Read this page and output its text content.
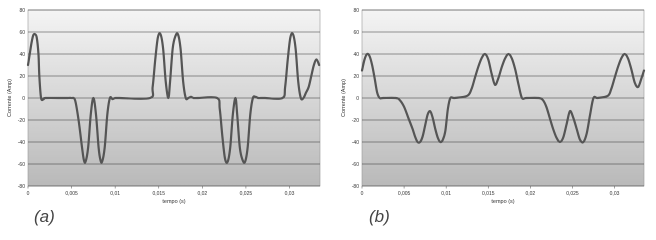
-80
-60
-40
-20
0
20
40
60
80
0	0,005	0,01	0,015	0,02	0,025	0,03
tempo (s)
Corrente (Amp)
-80
-60
-40
-20
0
20
40
60
80
0	0,005	0,01	0,015	0,02	0,025	0,03
tempo (s)
Corrente (Amp)
(a)	(b)
